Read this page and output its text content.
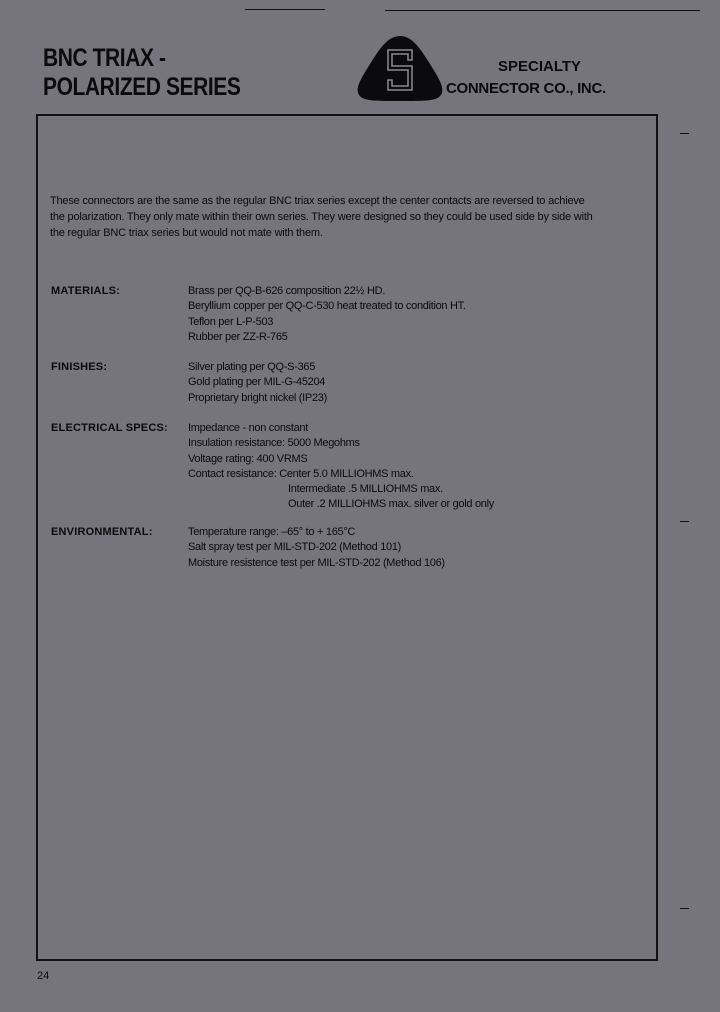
BNC TRIAX -
POLARIZED SERIES
SPECIALTY
CONNECTOR CO., INC.
These connectors are the same as the regular BNC triax series except the center contacts are reversed to achieve
the polarization. They only mate within their own series. They were designed so they could be used side by side with
the regular BNC triax series but would not mate with them.
MATERIALS:	Brass per QQ-B-626 composition 22½ HD.
Beryllium copper per QQ-C-530 heat treated to condition HT.
Teflon per L-P-503
Rubber per ZZ-R-765
FINISHES:	Silver plating per QQ-S-365
Gold plating per MIL-G-45204
Proprietary bright nickel (IP23)
ELECTRICAL SPECS: Impedance - non constant
Insulation resistance: 5000 Megohms
Voltage rating: 400 VRMS
Contact resistance: Center 5.0 MILLIOHMS max.
Intermediate .5 MILLIOHMS max.
Outer .2 MILLIOHMS max. silver or gold only
ENVIRONMENTAL:	Temperature range: –65° to + 165°C
Salt spray test per MIL-STD-202 (Method 101)
Moisture resistence test per MIL-STD-202 (Method 106)
24
